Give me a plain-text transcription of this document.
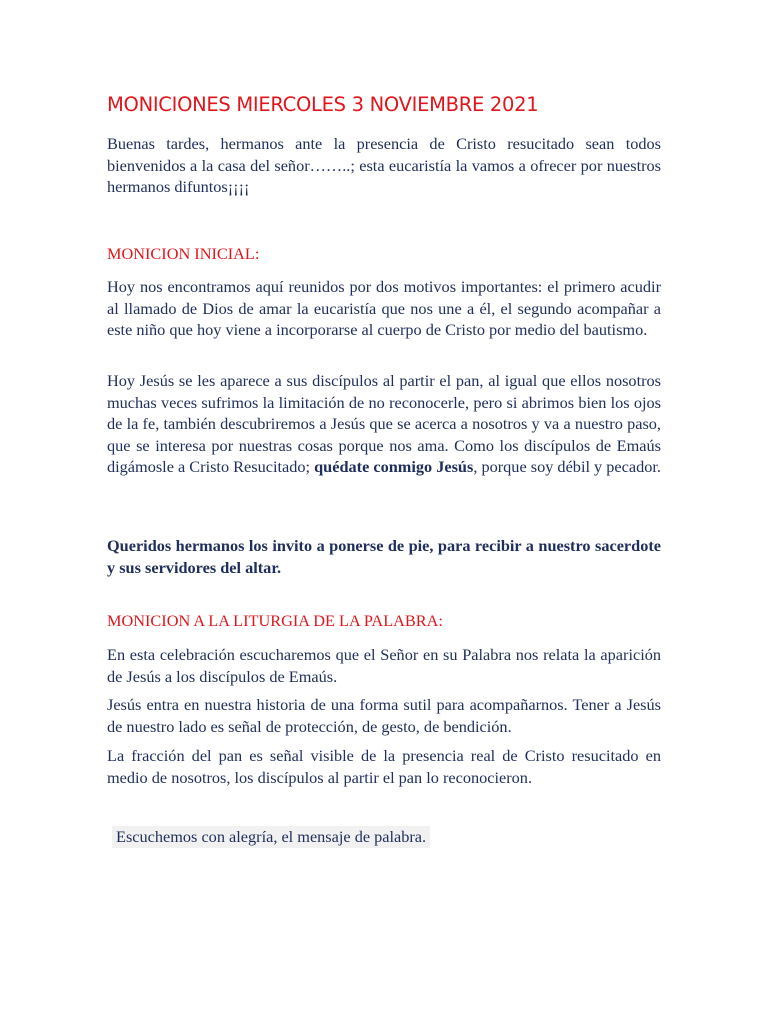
MONICIONES MIERCOLES 3 NOVIEMBRE 2021

Buenas tardes, hermanos ante la presencia de Cristo resucitado sean todos bienvenidos a la casa del señor……..; esta eucaristía la vamos a ofrecer por nuestros hermanos difuntos¡¡¡¡

MONICION INICIAL:

Hoy nos encontramos aquí reunidos por dos motivos importantes: el primero acudir al llamado de Dios de amar la eucaristía que nos une a él, el segundo acompañar a este niño que hoy viene a incorporarse al cuerpo de Cristo por medio del bautismo.

Hoy Jesús se les aparece a sus discípulos al partir el pan, al igual que ellos nosotros muchas veces sufrimos la limitación de no reconocerle, pero si abrimos bien los ojos de la fe, también descubriremos a Jesús que se acerca a nosotros y va a nuestro paso, que se interesa por nuestras cosas porque nos ama. Como los discípulos de Emaús digámosle a Cristo Resucitado; quédate conmigo Jesús, porque soy débil y pecador.

Queridos hermanos los invito a ponerse de pie, para recibir a nuestro sacerdote y sus servidores del altar.

MONICION A LA LITURGIA DE LA PALABRA:

En esta celebración escucharemos que el Señor en su Palabra nos relata la aparición de Jesús a los discípulos de Emaús.

Jesús entra en nuestra historia de una forma sutil para acompañarnos. Tener a Jesús de nuestro lado es señal de protección, de gesto, de bendición.

La fracción del pan es señal visible de la presencia real de Cristo resucitado en medio de nosotros, los discípulos al partir el pan lo reconocieron.

Escuchemos con alegría, el mensaje de palabra.
